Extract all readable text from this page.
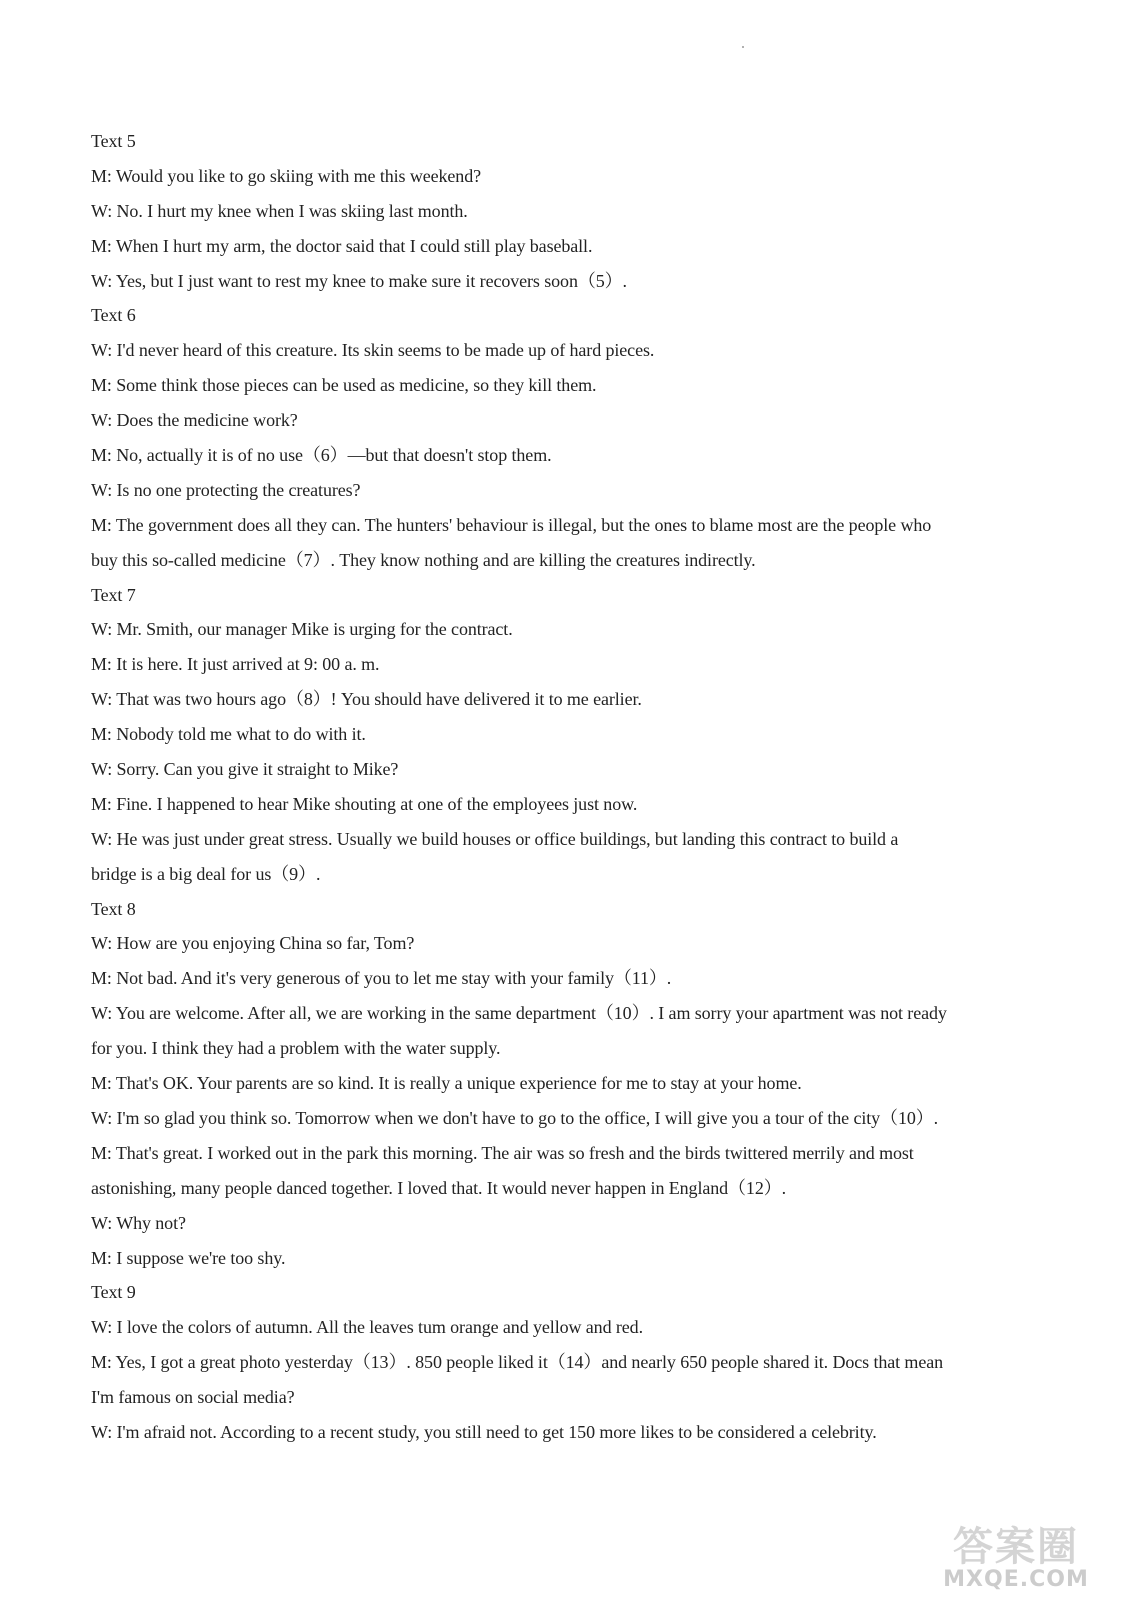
Text 5
M: Would you like to go skiing with me this weekend?
W: No. I hurt my knee when I was skiing last month.
M: When I hurt my arm, the doctor said that I could still play baseball.
W: Yes, but I just want to rest my knee to make sure it recovers soon（5）.
Text 6
W: I'd never heard of this creature. Its skin seems to be made up of hard pieces.
M: Some think those pieces can be used as medicine, so they kill them.
W: Does the medicine work?
M: No, actually it is of no use（6）—but that doesn't stop them.
W: Is no one protecting the creatures?
M: The government does all they can. The hunters' behaviour is illegal, but the ones to blame most are the people who
buy this so-called medicine（7）. They know nothing and are killing the creatures indirectly.
Text 7
W: Mr. Smith, our manager Mike is urging for the contract.
M: It is here. It just arrived at 9: 00 a. m.
W: That was two hours ago（8）! You should have delivered it to me earlier.
M: Nobody told me what to do with it.
W: Sorry. Can you give it straight to Mike?
M: Fine. I happened to hear Mike shouting at one of the employees just now.
W: He was just under great stress. Usually we build houses or office buildings, but landing this contract to build a
bridge is a big deal for us（9）.
Text 8
W: How are you enjoying China so far, Tom?
M: Not bad. And it's very generous of you to let me stay with your family（11）.
W: You are welcome. After all, we are working in the same department（10）. I am sorry your apartment was not ready
for you. I think they had a problem with the water supply.
M: That's OK. Your parents are so kind. It is really a unique experience for me to stay at your home.
W: I'm so glad you think so. Tomorrow when we don't have to go to the office, I will give you a tour of the city（10）.
M: That's great. I worked out in the park this morning. The air was so fresh and the birds twittered merrily and most
astonishing, many people danced together. I loved that. It would never happen in England（12）.
W: Why not?
M: I suppose we're too shy.
Text 9
W: I love the colors of autumn. All the leaves tum orange and yellow and red.
M: Yes, I got a great photo yesterday（13）. 850 people liked it（14）and nearly 650 people shared it. Docs that mean
I'm famous on social media?
W: I'm afraid not. According to a recent study, you still need to get 150 more likes to be considered a celebrity.
答案圈
MXQE.COM
